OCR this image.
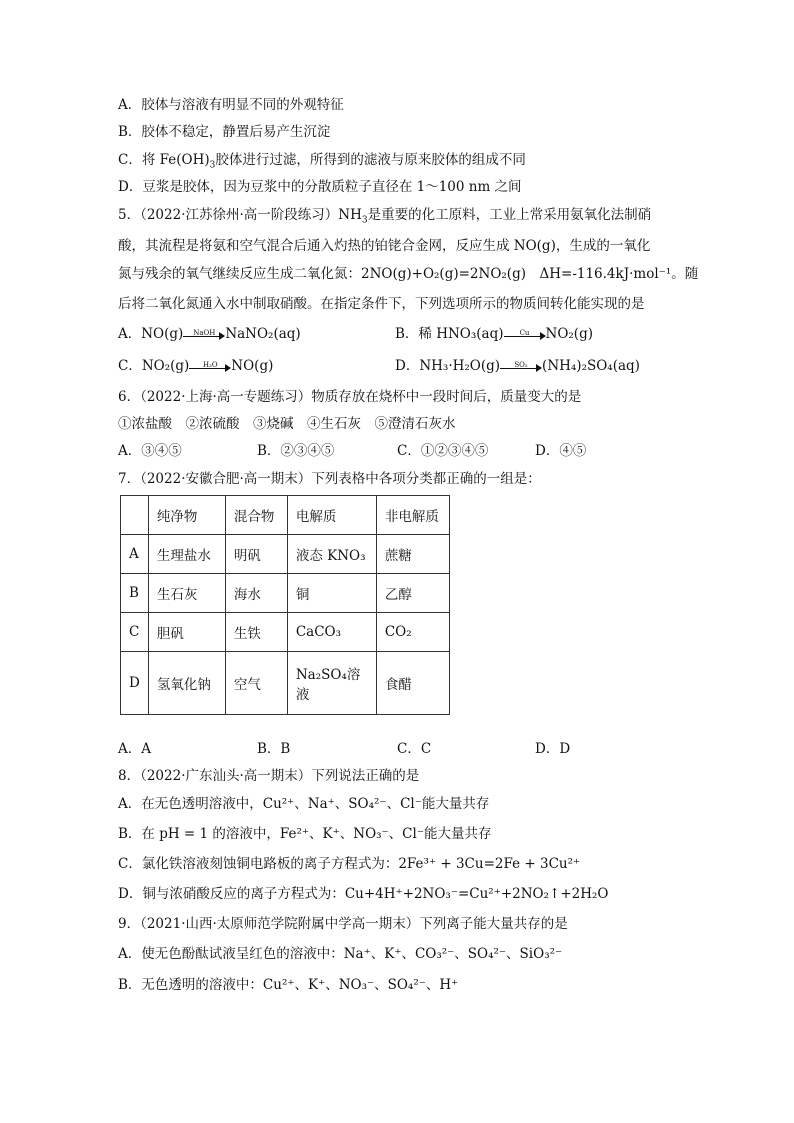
A．胶体与溶液有明显不同的外观特征
B．胶体不稳定，静置后易产生沉淀
C．将 $Fe(OH)_3$胶体进行过滤，所得到的滤液与原来胶体的组成不同
D．豆浆是胶体，因为豆浆中的分散质粒子直径在 1～100 nm 之间
5．（2022·江苏徐州·高一阶段练习）$NH_3$是重要的化工原料，工业上常采用氨氧化法制硝
酸，其流程是将氨和空气混合后通入灼热的铂铑合金网，反应生成 NO(g)，生成的一氧化
氮与残余的氧气继续反应生成二氧化氮：2NO(g)+O₂(g)=2NO₂(g)　ΔH=-116.4kJ·mol⁻¹。随
后将二氧化氮通入水中制取硝酸。在指定条件下，下列选项所示的物质间转化能实现的是
A．NO(g)	NaOH NaNO₂(aq)	B．稀 HNO₃(aq)	Cu	NO₂(g)
C．NO₂(g)	H₂O	NO(g)	D．NH₃·H₂O(g)	SO₂	(NH₄)₂SO₄(aq)
6．（2022·上海·高一专题练习）物质存放在烧杯中一段时间后，质量变大的是
①浓盐酸　②浓硫酸　③烧碱　④生石灰　⑤澄清石灰水
A．③④⑤	B．②③④⑤	C．①②③④⑤	D．④⑤
7．（2022·安徽合肥·高一期末）下列表格中各项分类都正确的一组是：
	纯净物	混合物	电解质	非电解质
A	生理盐水	明矾	液态 KNO₃	蔗糖
B	生石灰	海水	铜	乙醇
C	胆矾	生铁	CaCO₃	CO₂
D	氢氧化钠	空气	Na₂SO₄溶液	食醋
A．A	B．B	C．C	D．D
8．（2022·广东汕头·高一期末）下列说法正确的是
A．在无色透明溶液中，Cu²⁺、Na⁺、SO₄²⁻、Cl⁻能大量共存
B．在 pH = 1 的溶液中，Fe²⁺、K⁺、NO₃⁻、Cl⁻能大量共存
C．氯化铁溶液刻蚀铜电路板的离子方程式为：2Fe³⁺ + 3Cu=2Fe + 3Cu²⁺
D．铜与浓硝酸反应的离子方程式为：Cu+4H⁺+2NO₃⁻=Cu²⁺+2NO₂↑+2H₂O
9．（2021·山西·太原师范学院附属中学高一期末）下列离子能大量共存的是
A．使无色酚酞试液呈红色的溶液中：Na⁺、K⁺、CO₃²⁻、SO₄²⁻、SiO₃²⁻
B．无色透明的溶液中：Cu²⁺、K⁺、NO₃⁻、SO₄²⁻、H⁺
